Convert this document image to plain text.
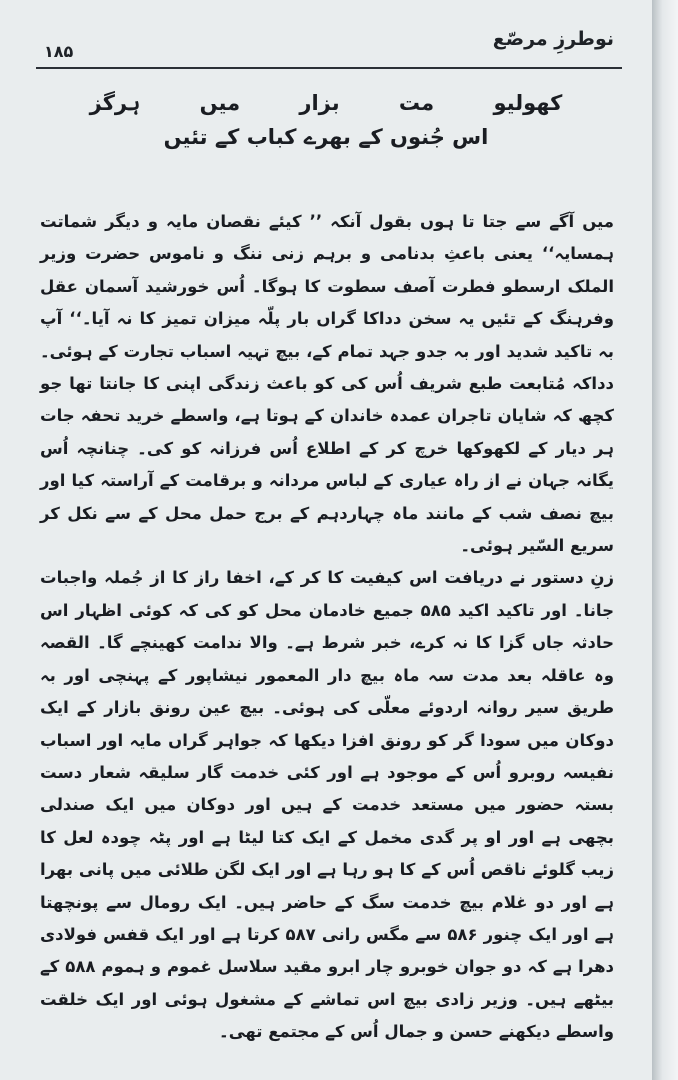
۱۸۵
نوطرزِ مرصّع
کھولیو مت بزار میں ہرگز
اس جُنوں کے بھرے کباب کے تئیں

میں آگے سے جتا تا ہوں بقول آنکہ ’’ کیئے نقصان مایہ و دیگر شماتت ہمسایہ‘‘ یعنی باعثِ بدنامی و برہم زنی ننگ و ناموس حضرت وزیر الملک ارسطو فطرت آصف سطوت کا ہوگا۔ اُس خورشید آسمان عقل وفرہنگ کے تئیں یہ سخن دداکا گراں بار پلّہ میزان تمیز کا نہ آیا۔‘‘ آپ بہ تاکید شدید اور بہ جدو جہد تمام کے، بیچ تہیہ اسباب تجارت کے ہوئی۔ دداکہ مُتابعت طبع شریف اُس کی کو باعث زندگی اپنی کا جانتا تھا جو کچھ کہ شایان تاجران عمدہ خاندان کے ہوتا ہے، واسطے خرید تحفہ جات ہر دیار کے لکھوکھا خرچ کر کے اطلاع اُس فرزانہ کو کی۔ چنانچہ اُس یگانہ جہان نے از راہ عیاری کے لباس مردانہ و برقامت کے آراستہ کیا اور بیچ نصف شب کے مانند ماہ چہاردہم کے برج حمل محل کے سے نکل کر سریع السّیر ہوئی۔

زنِ دستور نے دریافت اس کیفیت کا کر کے، اخفا راز کا از جُملہ واجبات جانا۔ اور تاکید اکید ۵۸۵ جمیع خادمان محل کو کی کہ کوئی اظہار اس حادثہ جاں گزا کا نہ کرے، خبر شرط ہے۔ والا ندامت کھینچے گا۔ القصہ وہ عاقلہ بعد مدت سہ ماہ بیچ دار المعمور نیشاپور کے پہنچی اور بہ طریق سیر روانہ اردوئے معلّی کی ہوئی۔ بیچ عین رونق بازار کے ایک دوکان میں سودا گر کو رونق افزا دیکھا کہ جواہر گراں مایہ اور اسباب نفیسہ روبرو اُس کے موجود ہے اور کئی خدمت گار سلیقہ شعار دست بستہ حضور میں مستعد خدمت کے ہیں اور دوکان میں ایک صندلی بچھی ہے اور او پر گدی مخمل کے ایک کتا لیٹا ہے اور پٹہ چودہ لعل کا زیب گلوئے ناقص اُس کے کا ہو رہا ہے اور ایک لگن طلائی میں پانی بھرا ہے اور دو غلام بیچ خدمت سگ کے حاضر ہیں۔ ایک رومال سے پونچھتا ہے اور ایک چنور ۵۸۶ سے مگس رانی ۵۸۷ کرتا ہے اور ایک قفس فولادی دھرا ہے کہ دو جوان خوبرو چار ابرو مقید سلاسل غموم و ہموم ۵۸۸ کے بیٹھے ہیں۔ وزیر زادی بیچ اس تماشے کے مشغول ہوئی اور ایک خلقت واسطے دیکھنے حسن و جمال اُس کے مجتمع تھی۔
